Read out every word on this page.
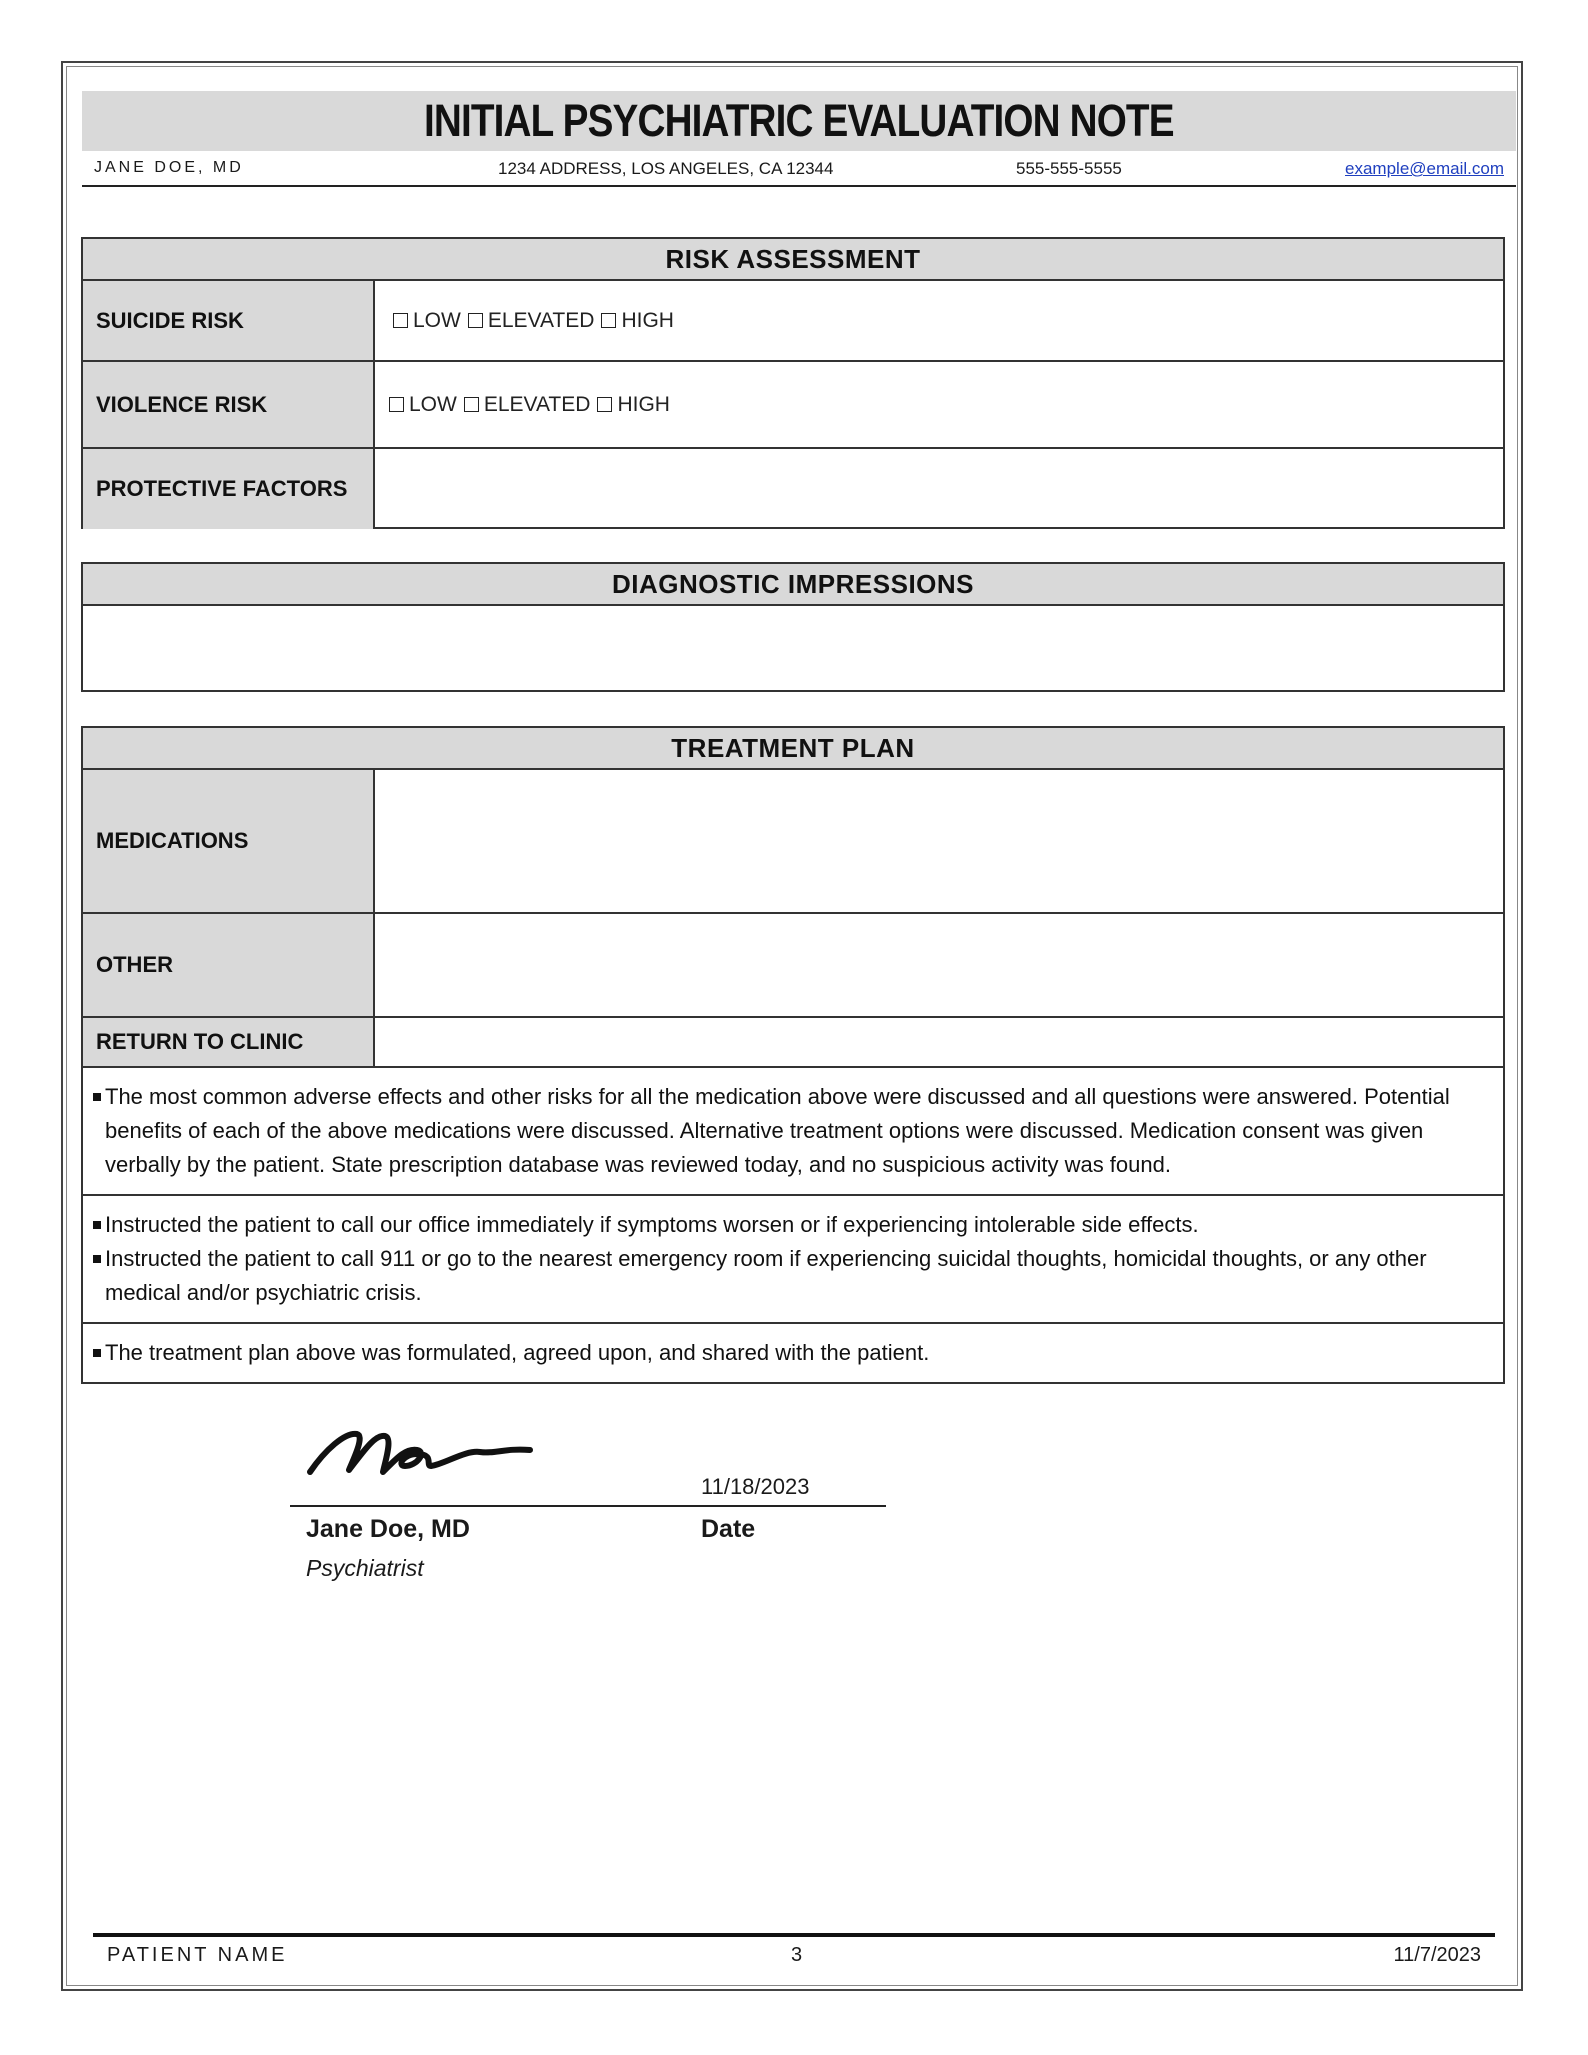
INITIAL PSYCHIATRIC EVALUATION NOTE
JANE DOE, MD	1234 ADDRESS, LOS ANGELES, CA 12344	555-555-5555	example@email.com
RISK ASSESSMENT
SUICIDE RISK	LOW	ELEVATED	HIGH
VIOLENCE RISK	LOW	ELEVATED	HIGH
PROTECTIVE FACTORS
DIAGNOSTIC IMPRESSIONS
TREATMENT PLAN
MEDICATIONS
OTHER
RETURN TO CLINIC
The most common adverse effects and other risks for all the medication above were discussed and all questions were answered. Potential benefits of each of the above medications were discussed. Alternative treatment options were discussed. Medication consent was given verbally by the patient. State prescription database was reviewed today, and no suspicious activity was found.
Instructed the patient to call our office immediately if symptoms worsen or if experiencing intolerable side effects.
Instructed the patient to call 911 or go to the nearest emergency room if experiencing suicidal thoughts, homicidal thoughts, or any other medical and/or psychiatric crisis.
The treatment plan above was formulated, agreed upon, and shared with the patient.
11/18/2023
Jane Doe, MD	Date
Psychiatrist
PATIENT NAME	3	11/7/2023
